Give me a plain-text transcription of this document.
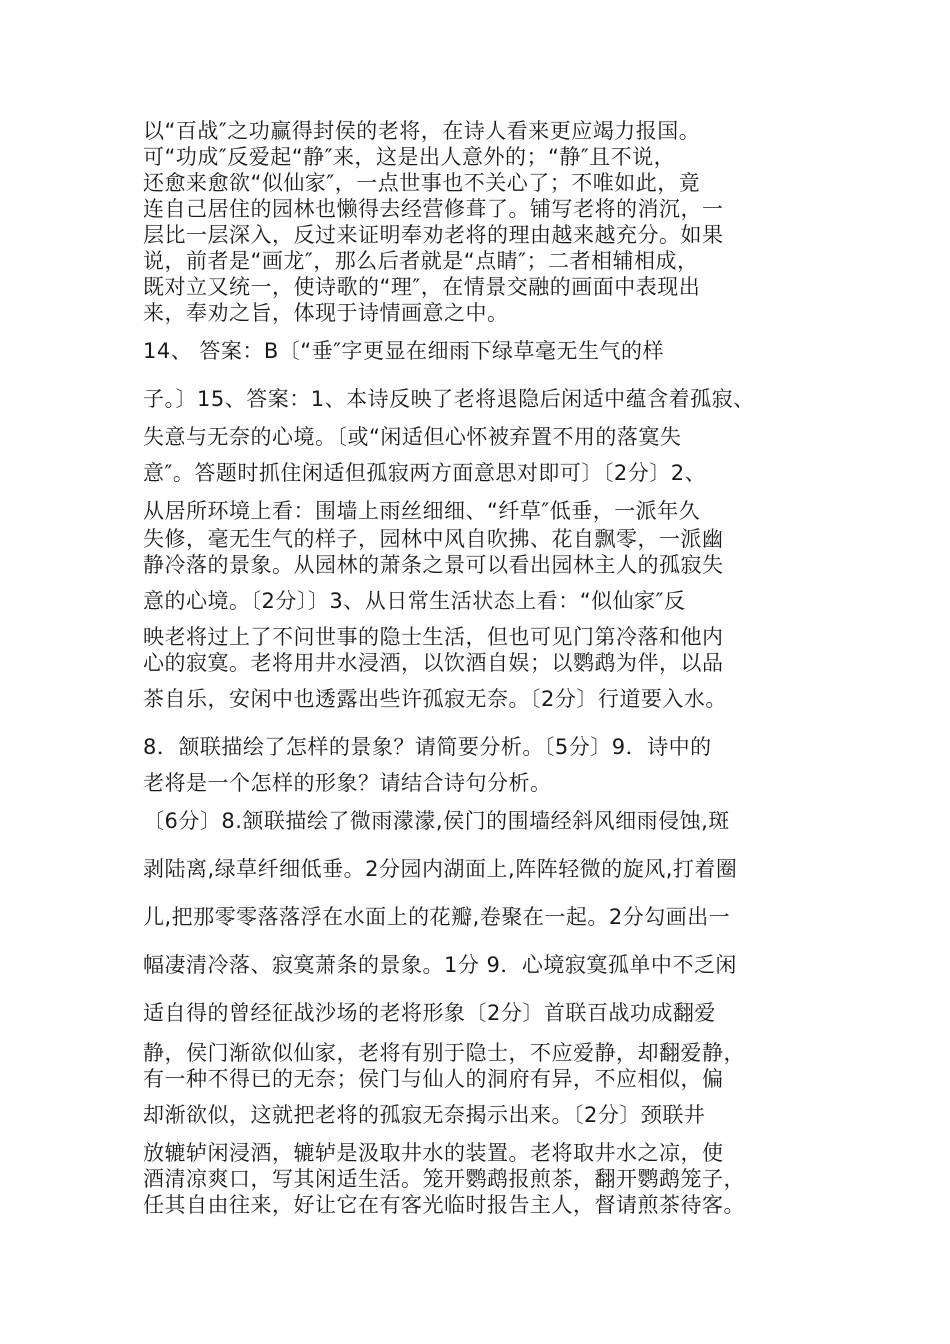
以“百战″之功赢得封侯的老将，在诗人看来更应竭力报国。
可“功成″反爱起“静″来，这是出人意外的；“静″且不说，
还愈来愈欲“似仙家″，一点世事也不关心了；不唯如此，竟
连自己居住的园林也懒得去经营修葺了。铺写老将的消沉，一
层比一层深入，反过来证明奉劝老将的理由越来越充分。如果
说，前者是“画龙″，那么后者就是“点睛″；二者相辅相成，
既对立又统一，使诗歌的“理″，在情景交融的画面中表现出
来，奉劝之旨，体现于诗情画意之中。
14、 答案：B〔“垂″字更显在细雨下绿草毫无生气的样
子。〕15、答案：1、本诗反映了老将退隐后闲适中蕴含着孤寂、
失意与无奈的心境。〔或“闲适但心怀被弃置不用的落寞失
意″。答题时抓住闲适但孤寂两方面意思对即可〕〔2分〕2、
从居所环境上看：围墙上雨丝细细、“纤草″低垂，一派年久
失修，毫无生气的样子，园林中风自吹拂、花自飘零，一派幽
静冷落的景象。从园林的萧条之景可以看出园林主人的孤寂失
意的心境。〔2分〕〕3、从日常生活状态上看：“似仙家″反
映老将过上了不问世事的隐士生活，但也可见门第冷落和他内
心的寂寞。老将用井水浸酒，以饮酒自娱；以鹦鹉为伴，以品
茶自乐，安闲中也透露出些许孤寂无奈。〔2分〕行道要入水。
8．颔联描绘了怎样的景象？请简要分析。〔5分〕9．诗中的
老将是一个怎样的形象？请结合诗句分析。
〔6分〕8.颔联描绘了微雨濛濛,侯门的围墙经斜风细雨侵蚀,斑
剥陆离,绿草纤细低垂。2分园内湖面上,阵阵轻微的旋风,打着圈
儿,把那零零落落浮在水面上的花瓣,卷聚在一起。2分勾画出一
幅凄清冷落、寂寞萧条的景象。1分 9．心境寂寞孤单中不乏闲
适自得的曾经征战沙场的老将形象〔2分〕首联百战功成翻爱
静，侯门渐欲似仙家，老将有别于隐士，不应爱静，却翻爱静，
有一种不得已的无奈；侯门与仙人的洞府有异，不应相似，偏
却渐欲似，这就把老将的孤寂无奈揭示出来。〔2分〕颈联井
放辘轳闲浸酒，辘轳是汲取井水的装置。老将取井水之凉，使
酒清凉爽口，写其闲适生活。笼开鹦鹉报煎茶，翻开鹦鹉笼子，
任其自由往来，好让它在有客光临时报告主人，督请煎茶待客。
